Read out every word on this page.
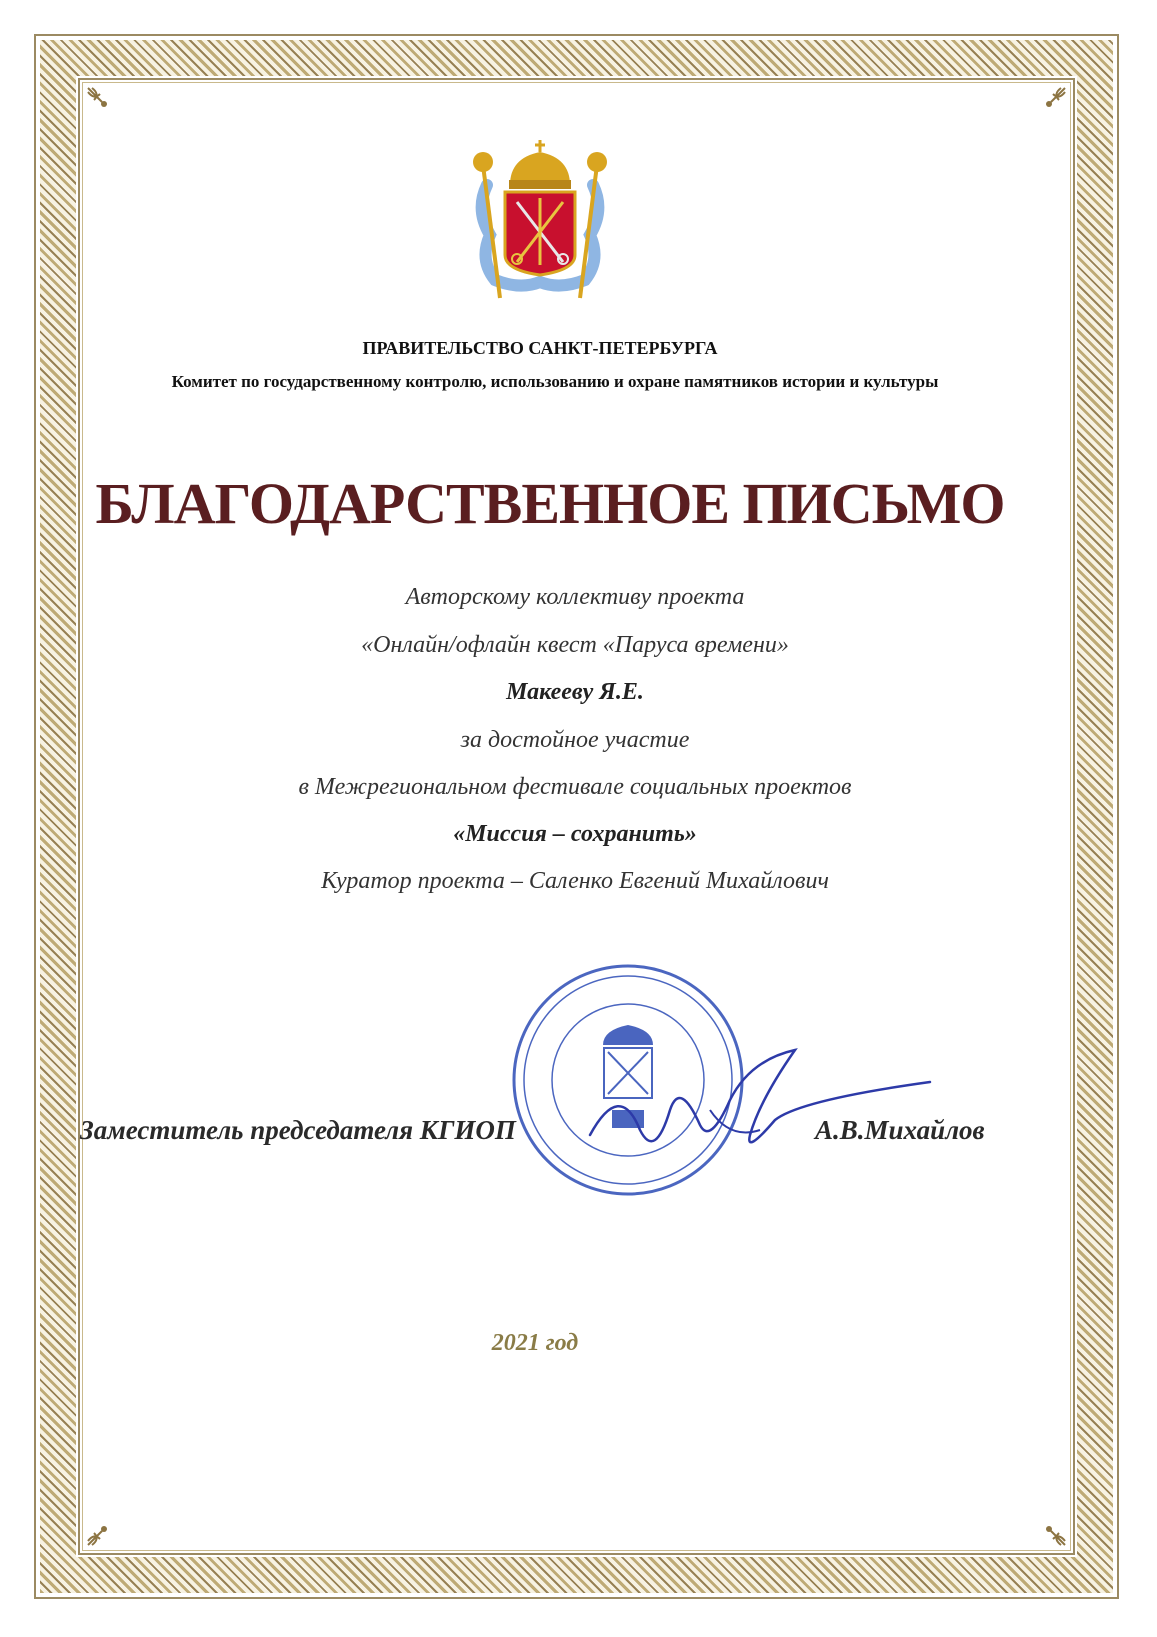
ПРАВИТЕЛЬСТВО САНКТ-ПЕТЕРБУРГА
Комитет по государственному контролю, использованию и охране памятников истории и культуры
БЛАГОДАРСТВЕННОЕ ПИСЬМО
Авторскому коллективу проекта
«Онлайн/офлайн квест «Паруса времени»
Макееву Я.Е.
за достойное участие
в Межрегиональном фестивале социальных проектов
«Миссия – сохранить»
Куратор проекта – Саленко Евгений Михайлович
Заместитель председателя КГИОП	А.В.Михайлов
2021 год
